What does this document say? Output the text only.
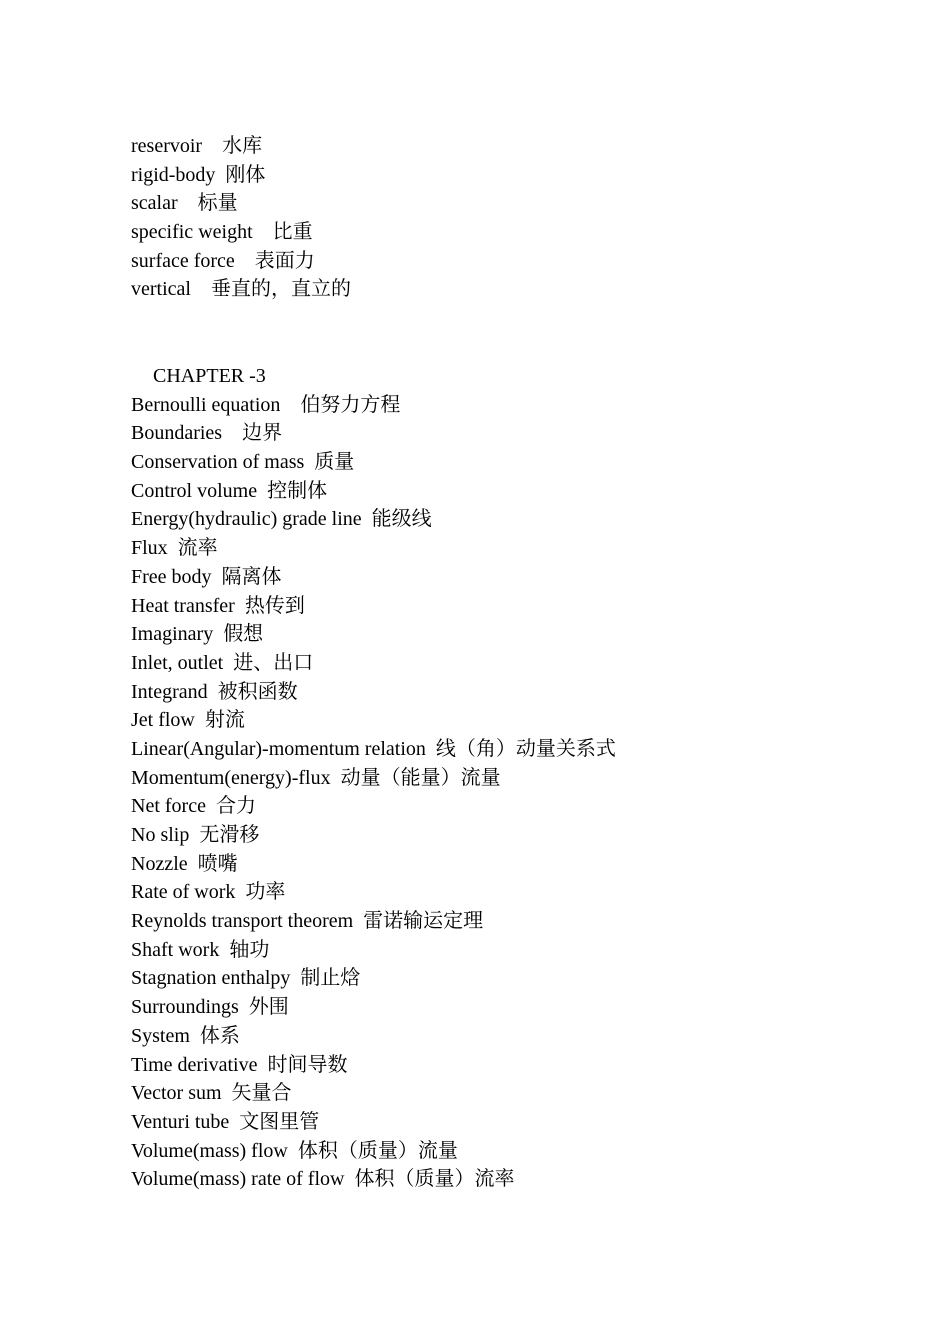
reservoir    水库
rigid-body  刚体
scalar    标量
specific weight    比重
surface force    表面力
vertical    垂直的，直立的
CHAPTER -3
Bernoulli equation    伯努力方程
Boundaries    边界
Conservation of mass  质量
Control volume  控制体
Energy(hydraulic) grade line  能级线
Flux  流率
Free body  隔离体
Heat transfer  热传到
Imaginary  假想
Inlet, outlet  进、出口
Integrand  被积函数
Jet flow  射流
Linear(Angular)-momentum relation  线（角）动量关系式
Momentum(energy)-flux  动量（能量）流量
Net force  合力
No slip  无滑移
Nozzle  喷嘴
Rate of work  功率
Reynolds transport theorem  雷诺输运定理
Shaft work  轴功
Stagnation enthalpy  制止焓
Surroundings  外围
System  体系
Time derivative  时间导数
Vector sum  矢量合
Venturi tube  文图里管
Volume(mass) flow  体积（质量）流量
Volume(mass) rate of flow  体积（质量）流率
